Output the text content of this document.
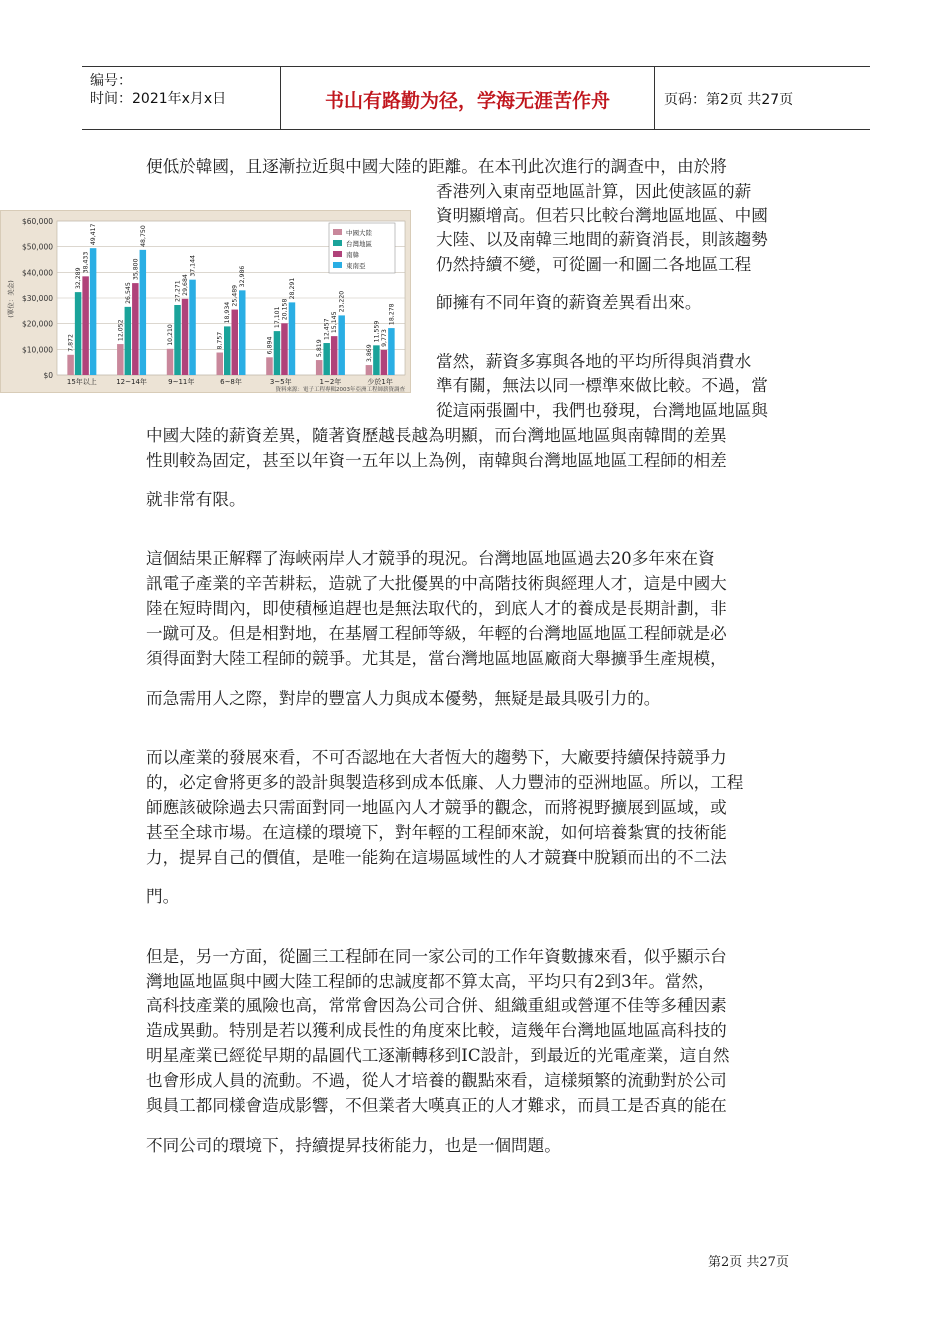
编号：
时间：2021年x月x日	书山有路勤为径，学海无涯苦作舟	页码：第2页 共27页
$0
$10,000
$20,000
$30,000
$40,000
$50,000
$60,000
(單位：美金)
7,872
32,289
38,433
49,417
15年以上
12,052
26,545
35,800
48,750
12~14年
10,210
27,271 29,684
37,144
9~11年
8,757
18,934
25,489
32,986
6~8年
6,894
17,101 20,158
28,291
3~5年
5,819
12,457 15,145
23,220
1~2年
3,869
11,559 9,773
18,278
少於1年
中國大陸
台灣地區
南韓
東南亞
資料來源：電子工程專輯2003年亞洲工程師薪資調查
便低於韓國，且逐漸拉近與中國大陸的距離。在本刊此次進行的調查中，由於將
香港列入東南亞地區計算，因此使該區的薪
資明顯增高。但若只比較台灣地區地區、中國
大陸、以及南韓三地間的薪資消長，則該趨勢
仍然持續不變，可從圖一和圖二各地區工程
師擁有不同年資的薪資差異看出來。
當然，薪資多寡與各地的平均所得與消費水
準有關，無法以同一標準來做比較。不過，當
從這兩張圖中，我們也發現，台灣地區地區與
中國大陸的薪資差異，隨著資歷越長越為明顯，而台灣地區地區與南韓間的差異
性則較為固定，甚至以年資一五年以上為例，南韓與台灣地區地區工程師的相差
就非常有限。
這個結果正解釋了海峽兩岸人才競爭的現況。台灣地區地區過去20多年來在資
訊電子產業的辛苦耕耘，造就了大批優異的中高階技術與經理人才，這是中國大
陸在短時間內，即使積極追趕也是無法取代的，到底人才的養成是長期計劃，非
一蹴可及。但是相對地，在基層工程師等級，年輕的台灣地區地區工程師就是必
須得面對大陸工程師的競爭。尤其是，當台灣地區地區廠商大舉擴爭生產規模，
而急需用人之際，對岸的豐富人力與成本優勢，無疑是最具吸引力的。
而以產業的發展來看，不可否認地在大者恆大的趨勢下，大廠要持續保持競爭力
的，必定會將更多的設計與製造移到成本低廉、人力豐沛的亞洲地區。所以，工程
師應該破除過去只需面對同一地區內人才競爭的觀念，而將視野擴展到區域，或
甚至全球市場。在這樣的環境下，對年輕的工程師來說，如何培養紮實的技術能
力，提昇自己的價值，是唯一能夠在這場區域性的人才競賽中脫穎而出的不二法
門。
但是，另一方面，從圖三工程師在同一家公司的工作年資數據來看，似乎顯示台
灣地區地區與中國大陸工程師的忠誠度都不算太高，平均只有2到3年。當然，
高科技產業的風險也高，常常會因為公司合併、組織重組或營運不佳等多種因素
造成異動。特別是若以獲利成長性的角度來比較，這幾年台灣地區地區高科技的
明星產業已經從早期的晶圓代工逐漸轉移到IC設計，到最近的光電產業，這自然
也會形成人員的流動。不過，從人才培養的觀點來看，這樣頻繁的流動對於公司
與員工都同樣會造成影響，不但業者大嘆真正的人才難求，而員工是否真的能在
不同公司的環境下，持續提昇技術能力，也是一個問題。
第2页 共27页
